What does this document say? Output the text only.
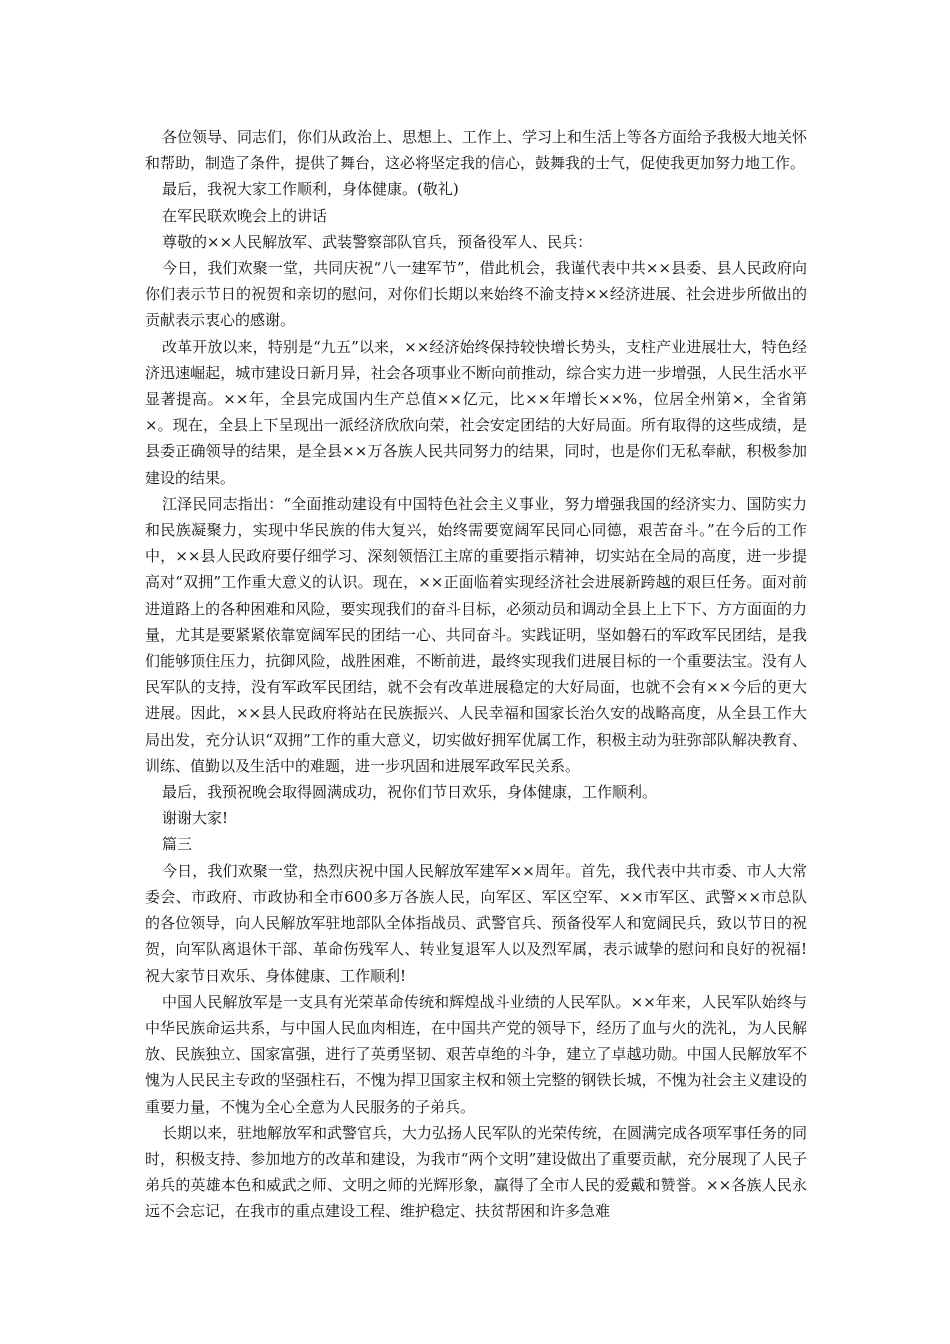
各位领导、同志们，你们从政治上、思想上、工作上、学习上和生活上等各方面给予我极大地关怀和帮助，制造了条件，提供了舞台，这必将坚定我的信心，鼓舞我的士气，促使我更加努力地工作。

最后，我祝大家工作顺利，身体健康。(敬礼)

在军民联欢晚会上的讲话

尊敬的××人民解放军、武装警察部队官兵，预备役军人、民兵：

今日，我们欢聚一堂，共同庆祝“八一建军节”，借此机会，我谨代表中共××县委、县人民政府向你们表示节日的祝贺和亲切的慰问，对你们长期以来始终不渝支持××经济进展、社会进步所做出的贡献表示衷心的感谢。

改革开放以来，特别是“九五”以来，××经济始终保持较快增长势头，支柱产业进展壮大，特色经济迅速崛起，城市建设日新月异，社会各项事业不断向前推动，综合实力进一步增强，人民生活水平显著提高。××年，全县完成国内生产总值××亿元，比××年增长××%，位居全州第×，全省第×。现在，全县上下呈现出一派经济欣欣向荣，社会安定团结的大好局面。所有取得的这些成绩，是县委正确领导的结果，是全县××万各族人民共同努力的结果，同时，也是你们无私奉献，积极参加建设的结果。

江泽民同志指出：“全面推动建设有中国特色社会主义事业，努力增强我国的经济实力、国防实力和民族凝聚力，实现中华民族的伟大复兴，始终需要宽阔军民同心同德，艰苦奋斗。”在今后的工作中，××县人民政府要仔细学习、深刻领悟江主席的重要指示精神，切实站在全局的高度，进一步提高对“双拥”工作重大意义的认识。现在，××正面临着实现经济社会进展新跨越的艰巨任务。面对前进道路上的各种困难和风险，要实现我们的奋斗目标，必须动员和调动全县上上下下、方方面面的力量，尤其是要紧紧依靠宽阔军民的团结一心、共同奋斗。实践证明，坚如磐石的军政军民团结，是我们能够顶住压力，抗御风险，战胜困难，不断前进，最终实现我们进展目标的一个重要法宝。没有人民军队的支持，没有军政军民团结，就不会有改革进展稳定的大好局面，也就不会有××今后的更大进展。因此，××县人民政府将站在民族振兴、人民幸福和国家长治久安的战略高度，从全县工作大局出发，充分认识“双拥”工作的重大意义，切实做好拥军优属工作，积极主动为驻弥部队解决教育、训练、值勤以及生活中的难题，进一步巩固和进展军政军民关系。

最后，我预祝晚会取得圆满成功，祝你们节日欢乐，身体健康，工作顺利。

谢谢大家!

篇三

今日，我们欢聚一堂，热烈庆祝中国人民解放军建军××周年。首先，我代表中共市委、市人大常委会、市政府、市政协和全市600多万各族人民，向军区、军区空军、××市军区、武警××市总队的各位领导，向人民解放军驻地部队全体指战员、武警官兵、预备役军人和宽阔民兵，致以节日的祝贺，向军队离退休干部、革命伤残军人、转业复退军人以及烈军属，表示诚挚的慰问和良好的祝福!祝大家节日欢乐、身体健康、工作顺利!

中国人民解放军是一支具有光荣革命传统和辉煌战斗业绩的人民军队。××年来，人民军队始终与中华民族命运共系，与中国人民血肉相连，在中国共产党的领导下，经历了血与火的洗礼，为人民解放、民族独立、国家富强，进行了英勇坚韧、艰苦卓绝的斗争，建立了卓越功勋。中国人民解放军不愧为人民民主专政的坚强柱石，不愧为捍卫国家主权和领土完整的钢铁长城，不愧为社会主义建设的重要力量，不愧为全心全意为人民服务的子弟兵。

长期以来，驻地解放军和武警官兵，大力弘扬人民军队的光荣传统，在圆满完成各项军事任务的同时，积极支持、参加地方的改革和建设，为我市“两个文明”建设做出了重要贡献，充分展现了人民子弟兵的英雄本色和威武之师、文明之师的光辉形象，赢得了全市人民的爱戴和赞誉。××各族人民永远不会忘记，在我市的重点建设工程、维护稳定、扶贫帮困和许多急难
